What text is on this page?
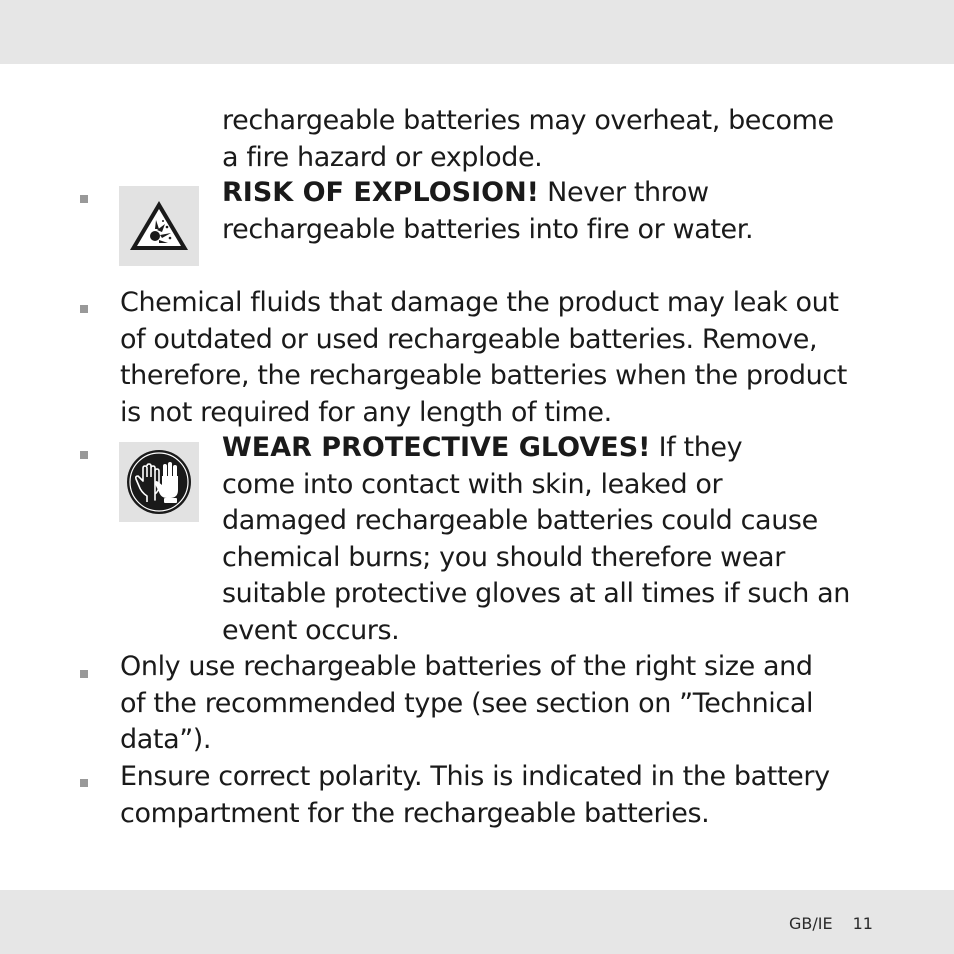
rechargeable batteries may overheat, become
a fire hazard or explode.

RISK OF EXPLOSION! Never throw
rechargeable batteries into fire or water.

Chemical fluids that damage the product may leak out
of outdated or used rechargeable batteries. Remove,
therefore, the rechargeable batteries when the product
is not required for any length of time.

WEAR PROTECTIVE GLOVES! If they
come into contact with skin, leaked or
damaged rechargeable batteries could cause
chemical burns; you should therefore wear
suitable protective gloves at all times if such an
event occurs.

Only use rechargeable batteries of the right size and
of the recommended type (see section on ”Technical
data”).

Ensure correct polarity. This is indicated in the battery
compartment for the rechargeable batteries.

GB/IE 11
